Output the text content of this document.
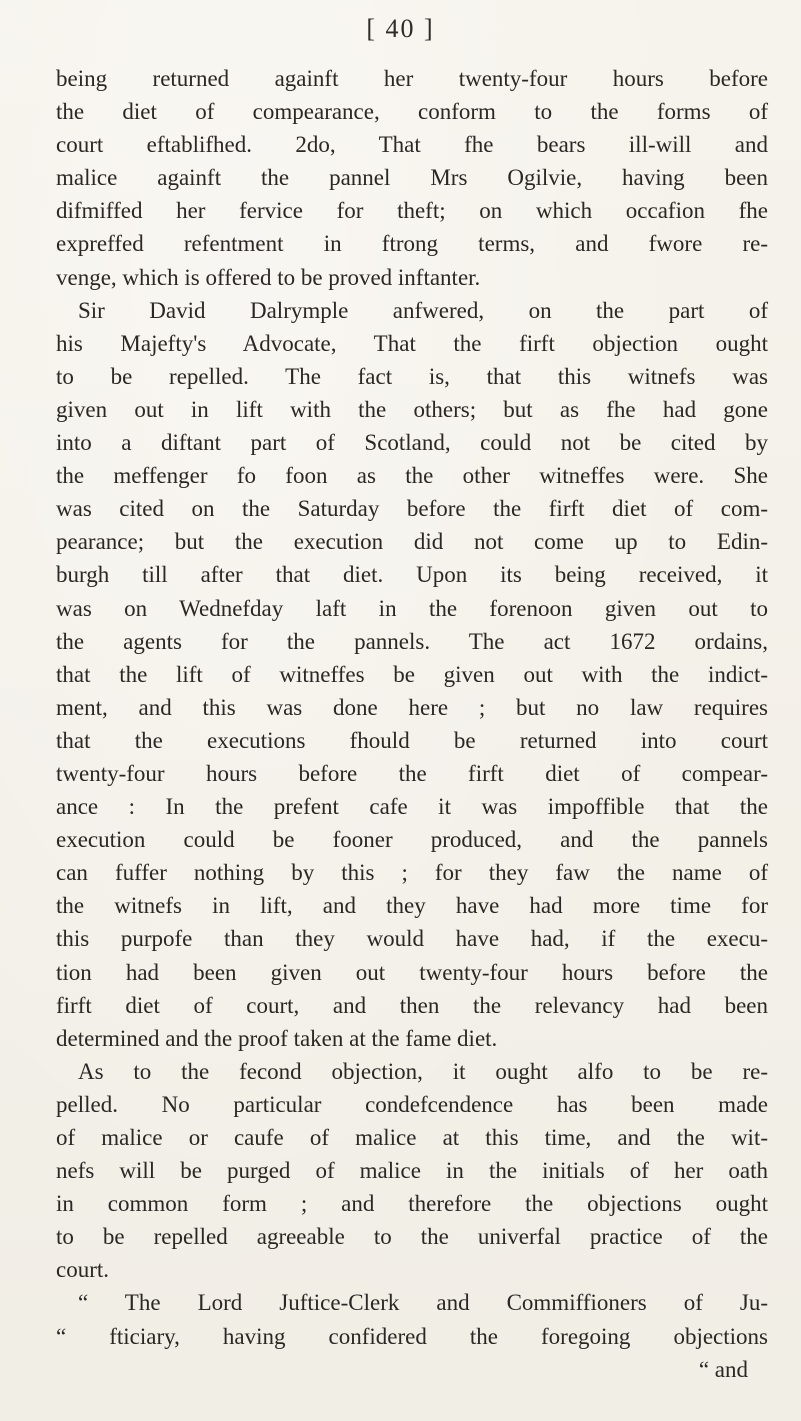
[ 40 ]
being returned againft her twenty-four hours before
the diet of compearance, conform to the forms of
court eftablifhed. 2do, That fhe bears ill-will and
malice againft the pannel Mrs Ogilvie, having been
difmiffed her fervice for theft; on which occafion fhe
expreffed refentment in ftrong terms, and fwore re-
venge, which is offered to be proved inftanter.
Sir David Dalrymple anfwered, on the part of
his Majefty's Advocate, That the firft objection ought
to be repelled. The fact is, that this witnefs was
given out in lift with the others; but as fhe had gone
into a diftant part of Scotland, could not be cited by
the meffenger fo foon as the other witneffes were. She
was cited on the Saturday before the firft diet of com-
pearance; but the execution did not come up to Edin-
burgh till after that diet. Upon its being received, it
was on Wednefday laft in the forenoon given out to
the agents for the pannels. The act 1672 ordains,
that the lift of witneffes be given out with the indict-
ment, and this was done here ; but no law requires
that the executions fhould be returned into court
twenty-four hours before the firft diet of compear-
ance : In the prefent cafe it was impoffible that the
execution could be fooner produced, and the pannels
can fuffer nothing by this ; for they faw the name of
the witnefs in lift, and they have had more time for
this purpofe than they would have had, if the execu-
tion had been given out twenty-four hours before the
firft diet of court, and then the relevancy had been
determined and the proof taken at the fame diet.
As to the fecond objection, it ought alfo to be re-
pelled. No particular condefcendence has been made
of malice or caufe of malice at this time, and the wit-
nefs will be purged of malice in the initials of her oath
in common form ; and therefore the objections ought
to be repelled agreeable to the univerfal practice of the
court.
“ The Lord Juftice-Clerk and Commiffioners of Ju-
“ fticiary, having confidered the foregoing objections
“ and
